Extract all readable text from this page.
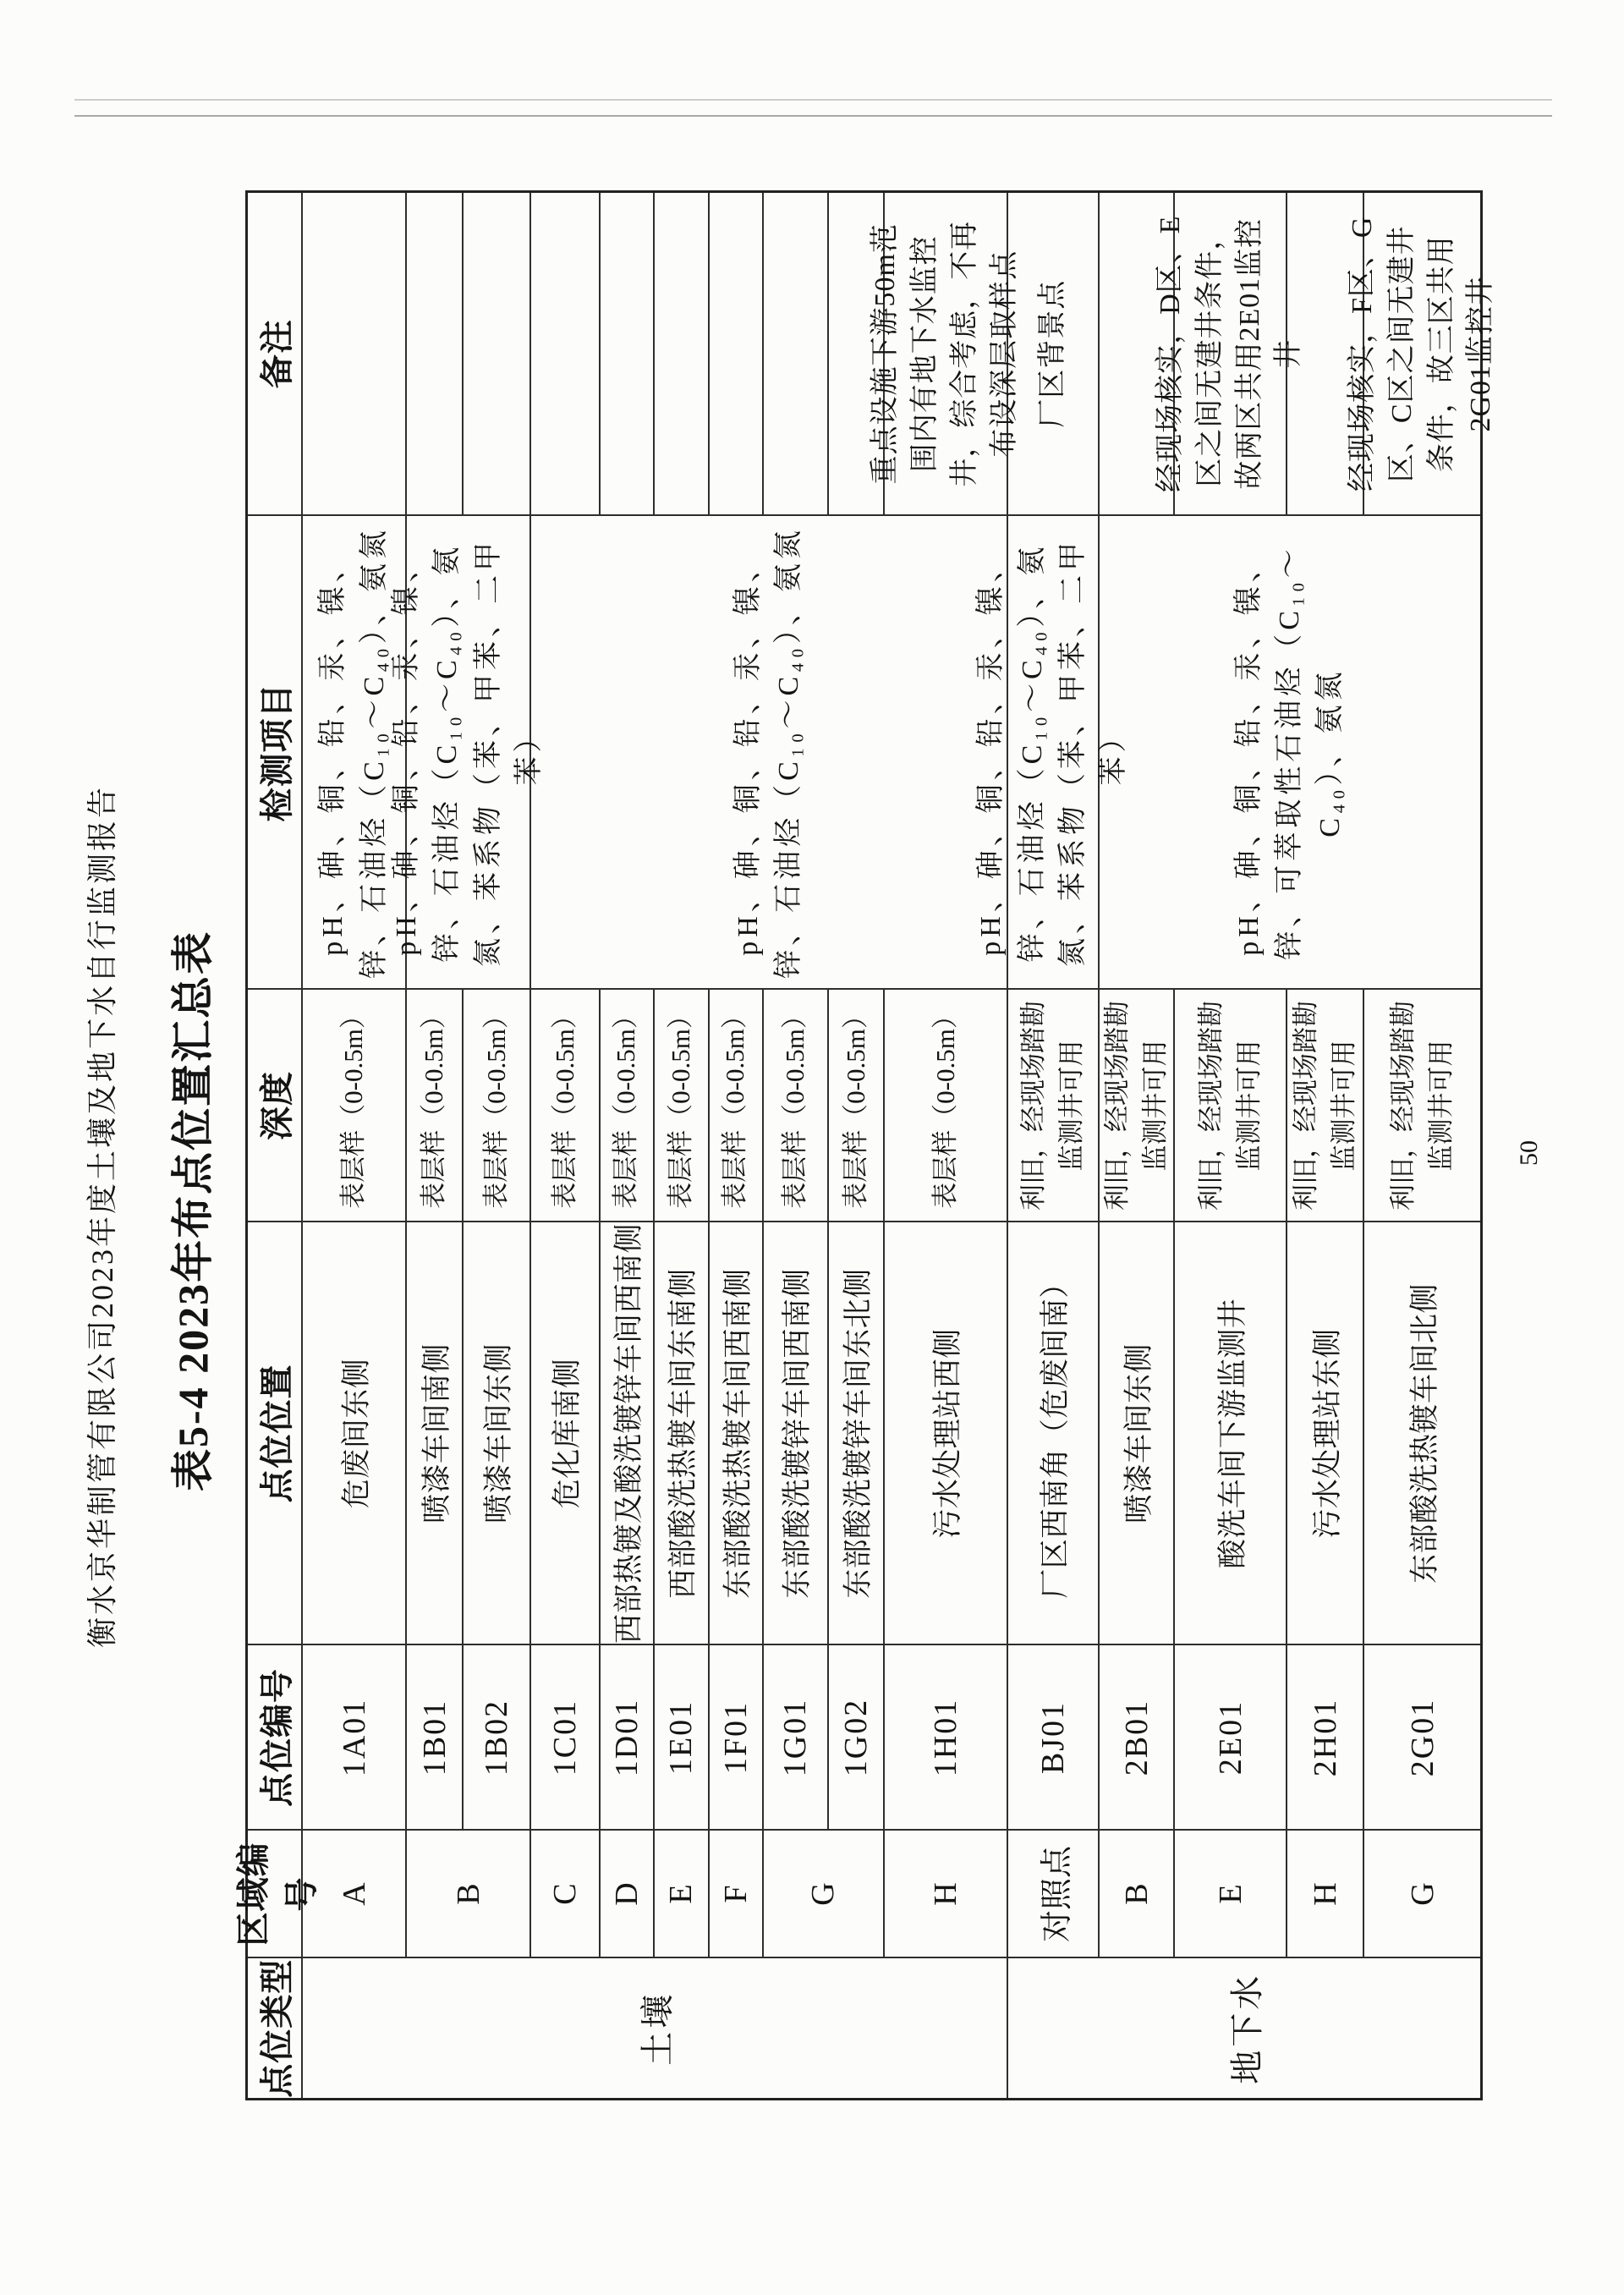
衡水京华制管有限公司2023年度土壤及地下水自行监测报告 表5-4 2023年布点位置汇总表	50
点位类型	区域编号	点位编号	点位位置	深度	检测项目	备注

土壤	A	1A01	危废间东侧	表层样（0-0.5m）	pH、砷、铜、铅、汞、镍、锌、石油烃（C₁₀～C₄₀）、氨氮	

B	1B01	喷漆车间南侧	表层样（0-0.5m）	pH、砷、铜、铅、汞、镍、锌、石油烃（C₁₀～C₄₀）、氨氮、苯系物（苯、甲苯、二甲苯）	

1B02	喷漆车间东侧	表层样（0-0.5m）		

C	1C01	危化库南侧	表层样（0-0.5m）	pH、砷、铜、铅、汞、镍、锌、石油烃（C₁₀～C₄₀）、氨氮	

D	1D01	西部热镀及酸洗镀锌车间西南侧	表层样（0-0.5m）		

E	1E01	西部酸洗热镀车间东南侧	表层样（0-0.5m）		

F	1F01	东部酸洗热镀车间西南侧	表层样（0-0.5m）		

G	1G01	东部酸洗镀锌车间西南侧	表层样（0-0.5m）		

1G02	东部酸洗镀锌车间东北侧	表层样（0-0.5m）		

H	1H01	污水处理站西侧	表层样（0-0.5m）		重点设施下游50m范围内有地下水监控井，综合考虑，不再布设深层取样点

地下水	对照点	BJ01	厂区西南角（危废间南）	利旧，经现场踏勘监测井可用	pH、砷、铜、铅、汞、镍、锌、石油烃（C₁₀～C₄₀）、氨氮、苯系物（苯、甲苯、二甲苯）	厂区背景点

B	2B01	喷漆车间东侧	利旧，经现场踏勘监测井可用	pH、砷、铜、铅、汞、镍、锌、可萃取性石油烃（C₁₀～C₄₀）、氨氮	

E	2E01	酸洗车间下游监测井	利旧，经现场踏勘监测井可用		经现场核实，D区、E区之间无建井条件，故两区共用2E01监控井

H	2H01	污水处理站东侧	利旧，经现场踏勘监测井可用		

G	2G01	东部酸洗热镀车间北侧	利旧，经现场踏勘监测井可用		经现场核实，F区、G区、C区之间无建井条件，故三区共用2G01监控井
